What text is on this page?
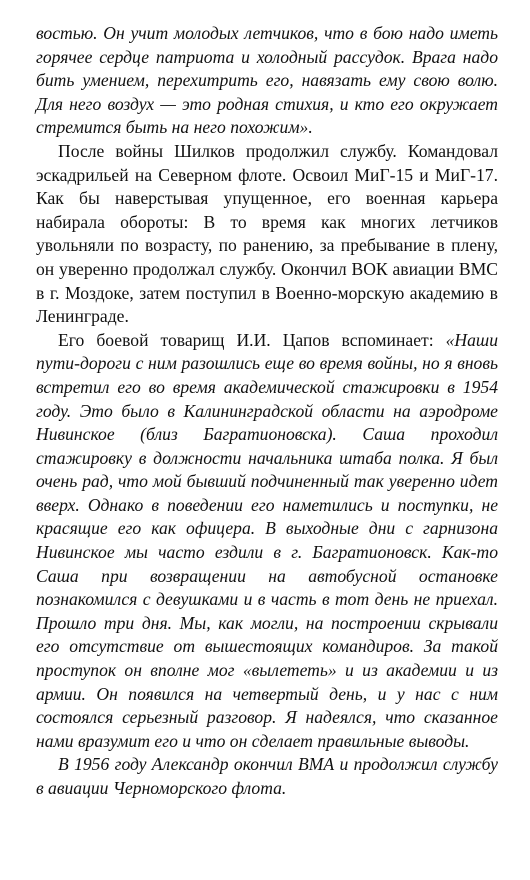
востью. Он учит молодых летчиков, что в бою надо иметь горячее сердце патриота и холодный рассудок. Врага надо бить умением, перехитрить его, навязать ему свою волю. Для него воздух — это родная стихия, и кто его окружает стремится быть на него похожим».

После войны Шилков продолжил службу. Командовал эскадрильей на Северном флоте. Освоил МиГ-15 и МиГ-17. Как бы наверстывая упущенное, его военная карьера набирала обороты: В то время как многих летчиков увольняли по возрасту, по ранению, за пребывание в плену, он уверенно продолжал службу. Окончил ВОК авиации ВМС в г. Моздоке, затем поступил в Военно-морскую академию в Ленинграде.

Его боевой товарищ И.И. Цапов вспоминает: «Наши пути-дороги с ним разошлись еще во время войны, но я вновь встретил его во время академической стажировки в 1954 году. Это было в Калининградской области на аэродроме Нивинское (близ Багратионовска). Саша проходил стажировку в должности начальника штаба полка. Я был очень рад, что мой бывший подчиненный так уверенно идет вверх. Однако в поведении его наметились и поступки, не красящие его как офицера. В выходные дни с гарнизона Нивинское мы часто ездили в г. Багратионовск. Как-то Саша при возвращении на автобусной остановке познакомился с девушками и в часть в тот день не приехал. Прошло три дня. Мы, как могли, на построении скрывали его отсутствие от вышестоящих командиров. За такой проступок он вполне мог «вылететь» и из академии и из армии. Он появился на четвертый день, и у нас с ним состоялся серьезный разговор. Я надеялся, что сказанное нами вразумит его и что он сделает правильные выводы.

В 1956 году Александр окончил ВМА и продолжил службу в авиации Черноморского флота.
